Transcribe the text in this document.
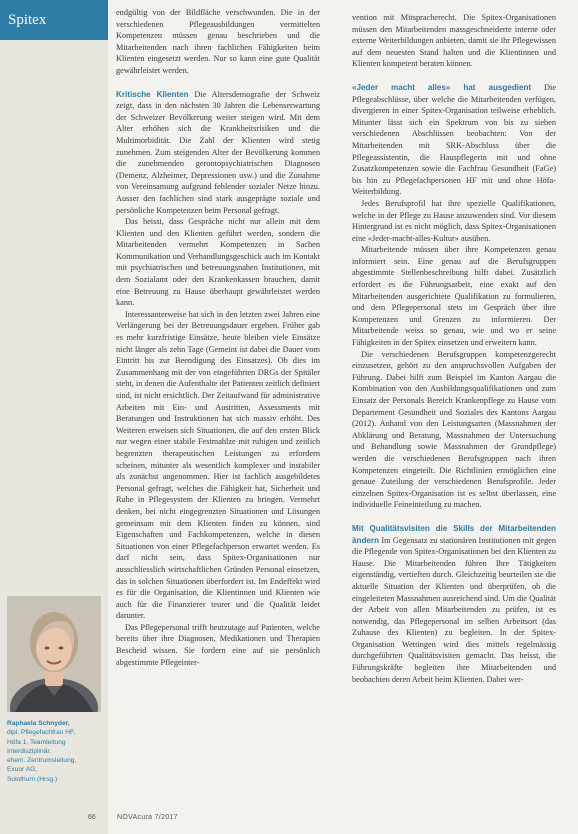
Spitex
Raphaela Schnyder,
dipl. Pflegefachfrau HF,
Höfa 1, Teamleitung
Interdisziplinär,
ehem. Zentrumsleitung,
Exuor AG,
Solothurn (Hrsg.)

endgültig von der Bildfläche verschwunden. Die in der verschiedenen Pflegeausbildungen vermittelten Kompetenzen müssen genau beschrieben und die Mitarbeitenden nach ihren fachlichen Fähigkeiten beim Klienten eingesetzt werden. Nur so kann eine gute Qualität gewährleistet werden.

Kritische Klienten Die Altersdemografie der Schweiz zeigt, dass in den nächsten 30 Jahren die Lebenserwartung der Schweizer Bevölkerung weiter steigen wird. Mit dem Alter erhöhen sich die Krankheitsrisiken und die Multimorbidität. Die Zahl der Klienten wird stetig zunehmen. Zum steigenden Alter der Bevölkerung kommen die zunehmenden gerontopsychiatrischen Diagnosen (Demenz, Alzheimer, Depressionen usw.) und die Zunahme von Vereinsamung aufgrund fehlender sozialer Netze hinzu. Ausser den fachlichen sind stark ausgeprägte soziale und persönliche Kompetenzen beim Personal gefragt.

Das heisst, dass Gespräche nicht nur allein mit dem Klienten und den Klienten geführt werden, sondern die Mitarbeitenden vermehrt Kompetenzen in Sachen Kommunikation und Verhandlungsgeschick auch im Kontakt mit psychiatrischen und betreuungsnahen Institutionen, mit dem Sozialamt oder den Krankenkassen brauchen, damit eine Betreuung zu Hause überhaupt gewährleistet werden kann.

Interessanterweise hat sich in den letzten zwei Jahren eine Verlängerung bei der Betreuungsdauer ergeben. Früher gab es mehr kurzfristige Einsätze, heute bleiben viele Einsätze nicht länger als zehn Tage (Gemeint ist dabei die Dauer vom Eintritt bis zur Beendigung des Einsatzes). Ob dies im Zusammenhang mit der von eingeführten DRGs der Spitäler steht, in denen die Aufenthalte der Patienten zeitlich definiert sind, ist nicht ersichtlich. Der Zeitaufwand für administrative Arbeiten mit Ein- und Austritten, Assessments mit Beratungen und Instruktionen hat sich massiv erhöht. Des Weiteren erweisen sich Situationen, die auf den ersten Blick nur wegen einer stabile Festmahlze mit ruhigen und zeitlich begrenzten therapeutischen Leistungen zu erfordern scheinen, mitunter als wesentlich komplexer und instabiler als zunächst angenommen. Hier ist fachlich ausgebildetes Personal gefragt, welches die Fähigkeit hat, Sicherheit und Ruhe in Pflegesystem der Klienten zu bringen. Vermehrt denken, bei nicht eingegrenzten Situationen und Lösungen gemeinsam mit dem Klienten finden zu können, sind Eigenschaften und Fachkompetenzen, welche in diesen Situationen von einer Pflegefachperson erwartet werden. Es darf nicht sein, dass Spitex-Organisationen nur ausschliesslich wirtschaftlichen Gründen Personal einsetzen, das in solchen Situationen überfordert ist. Im Endeffekt wird es für die Organisation, die Klientinnen und Klienten wie auch für die Finanzierer teurer und die Qualität leidet darunter.

Das Pflegepersonal trifft heutzutage auf Patienten, welche bereits über ihre Diagnosen, Medikationen und Therapien Bescheid wissen. Sie fordern eine auf sie persönlich abgestimmte Pflegeinter-

vention mit Mitspracherecht. Die Spitex-Organisationen müssen den Mitarbeitenden massgeschneiderte interne oder externe Weiterbildungen anbieten, damit sie ihr Pflegewissen auf dem neuesten Stand halten und die Klientinnen und Klienten kompetent beraten können.

«Jeder macht alles» hat ausgedient Die Pflegeabschlüsse, über welche die Mitarbeitenden verfügen, divergieren in einer Spitex-Organisation teilweise erheblich. Mitunter lässt sich ein Spektrum von bis zu sieben verschiedenen Abschlüssen beobachten: Von der Mitarbeitenden mit SRK-Abschluss über die Pflegeassistentin, die Hauspflegerin mit und ohne Zusatzkompetenzen sowie die Fachfrau Gesundheit (FaGe) bis hin zu Pflegefachpersonen HF mit und ohne Höfa-Weiterbildung.

Jedes Berufsprofil hat ihre spezielle Qualifikationen, welche in der Pflege zu Hause anzuwenden sind. Vor diesem Hintergrund ist es nicht möglich, dass Spitex-Organisationen eine «Jeder-macht-alles-Kultur» ausüben.

Mitarbeitende müssen über ihre Kompetenzen genau informiert sein. Eine genau auf die Berufsgruppen abgestimmte Stellenbeschreibung hilft dabei. Zusätzlich erfordert es die Führungsarbeit, eine exakt auf den Mitarbeitenden ausgerichtete Qualifikation zu formulieren, und dem Pflegepersonal stets im Gespräch über ihre Kompetenzen und Grenzen zu informieren. Der Mitarbeitende weiss so genau, wie und wo er seine Fähigkeiten in der Spitex einsetzen und erweitern kann.

Die verschiedenen Berufsgruppen kompetenzgerecht einzusetzen, gehört zu den anspruchsvollen Aufgaben der Führung. Dabei hilft zum Beispiel im Kanton Aargau die Kombination von den Ausbildungsqualifikationen und zum Einsatz der Personals Bereich Krankenpflege zu Hause vom Departement Gesundheit und Soziales des Kantons Aargau (2012). Anhand von den Leistungsarten (Massnahmen der Abklärung und Beratung, Massnahmen der Untersuchung und Behandlung sowie Massnahmen der Grundpflege) werden die verschiedenen Berufsgruppen nach ihren Kompetenzen eingeteilt. Die Richtlinien ermöglichen eine genaue Zuteilung der verschiedenen Berufsprofile. Jeder einzelnen Spitex-Organisation ist es selbst überlassen, eine individuelle Feineinteilung zu machen.

Mit Qualitätsvisiten die Skills der Mitarbeitenden ändern Im Gegensatz zu stationären Institutionen mit gegen die Pflegende von Spitex-Organisationen bei den Klienten zu Hause. Die Mitarbeitenden führen Ihre Tätigkeiten eigenständig, vertieften durch. Gleichzeitig beurteilen sie die aktuelle Situation der Klienten und überprüfen, ob die eingeleiteten Massnahmen ausreichend sind. Um die Qualität der Arbeit von allen Mitarbeitenden zu prüfen, ist es notwendig, das Pflegepersonal im selben Arbeitsort (das Zuhause des Klienten) zu begleiten. In der Spitex-Organisation Wettingen wird dies mittels regelmässig durchgeführten Qualitätsvisiten gemacht. Das heisst, die Führungskräfte begleiten ihre Mitarbeitenden und beobachten deren Arbeit beim Klienten. Dabei wer-

66	NOVAcura 7/2017
